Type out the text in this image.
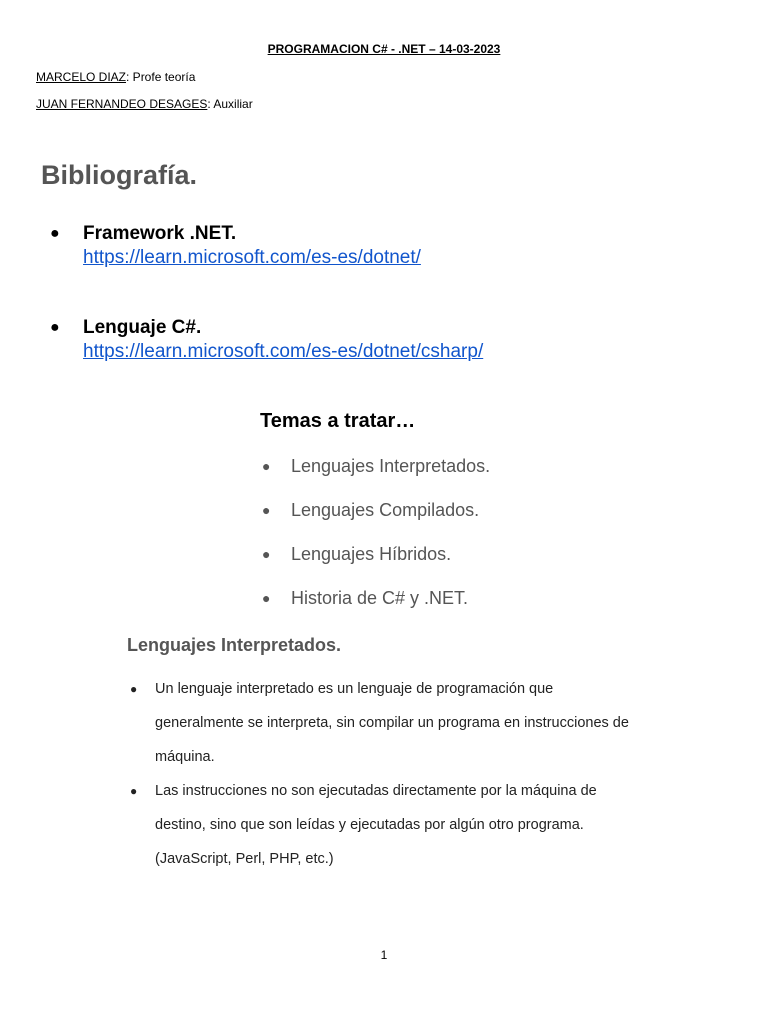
PROGRAMACION C# - .NET – 14-03-2023
MARCELO DIAZ: Profe teoría
JUAN FERNANDEO DESAGES: Auxiliar
Bibliografía.
● Framework .NET.
https://learn.microsoft.com/es-es/dotnet/
● Lenguaje C#.
https://learn.microsoft.com/es-es/dotnet/csharp/
Temas a tratar…
● Lenguajes Interpretados.
● Lenguajes Compilados.
● Lenguajes Híbridos.
● Historia de C# y .NET.
Lenguajes Interpretados.
● Un lenguaje interpretado es un lenguaje de programación que
generalmente se interpreta, sin compilar un programa en instrucciones de
máquina.
● Las instrucciones no son ejecutadas directamente por la máquina de
destino, sino que son leídas y ejecutadas por algún otro programa.
(JavaScript, Perl, PHP, etc.)
1
